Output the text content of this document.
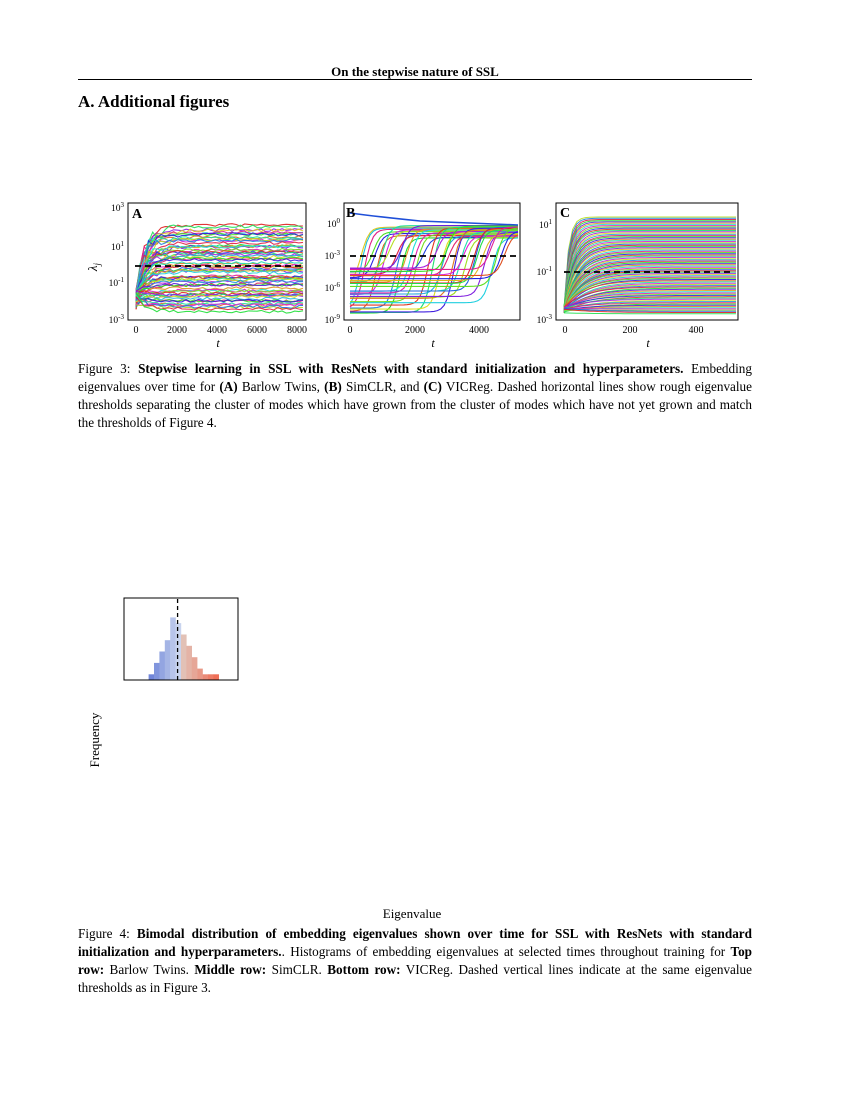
On the stepwise nature of SSL
A. Additional figures
$\lambda_j$
A
$10^3$
$10^1$
$10^{-1}$
$10^{-3}$
0	2000 4000 6000 8000
t
B
$10^0$
$10^{-3}$
$10^{-6}$
$10^{-9}$
0	2000	4000
t
C
$10^1$
$10^{-1}$
$10^{-3}$
0	200	400
t

Figure 3: Stepwise learning in SSL with ResNets with standard initialization and hyperparameters. Embedding eigenvalues over time for (A) Barlow Twins, (B) SimCLR, and (C) VICReg. Dashed horizontal lines show rough eigenvalue thresholds separating the cluster of modes which have grown from the cluster of modes which have not yet grown and match the thresholds of Figure 4.

Frequency
Eigenvalue

Figure 4: Bimodal distribution of embedding eigenvalues shown over time for SSL with ResNets with standard initialization and hyperparameters.. Histograms of embedding eigenvalues at selected times throughout training for Top row: Barlow Twins. Middle row: SimCLR. Bottom row: VICReg. Dashed vertical lines indicate at the same eigenvalue thresholds as in Figure 3.
